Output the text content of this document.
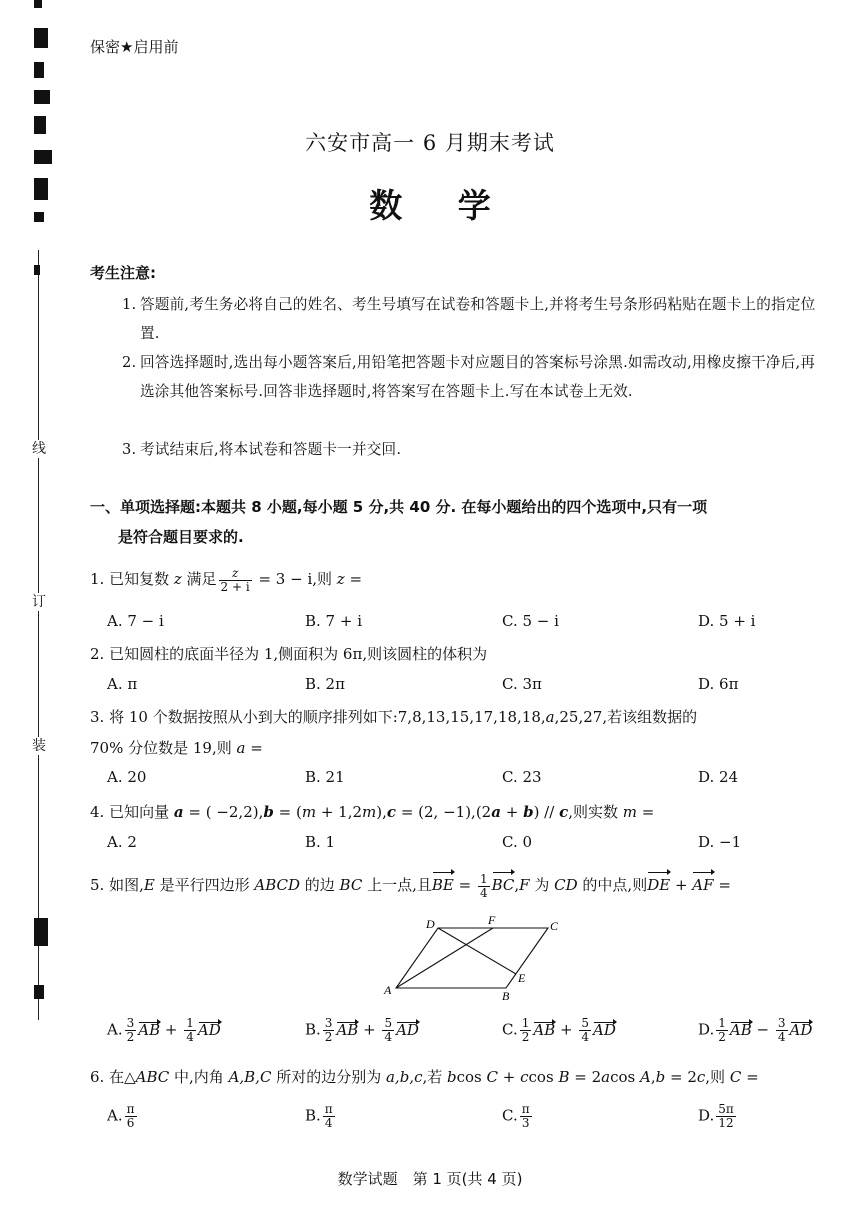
线
订
装
保密★启用前
六安市高一 6 月期末考试
数 学
考生注意:
1. 答题前,考生务必将自己的姓名、考生号填写在试卷和答题卡上,并将考生号条形码粘贴在题卡上的指定位置.
2. 回答选择题时,选出每小题答案后,用铅笔把答题卡对应题目的答案标号涂黑.如需改动,用橡皮擦干净后,再选涂其他答案标号.回答非选择题时,将答案写在答题卡上.写在本试卷上无效.
3. 考试结束后,将本试卷和答题卡一并交回.
一、单项选择题:本题共 8 小题,每小题 5 分,共 40 分. 在每小题给出的四个选项中,只有一项
是符合题目要求的.
1. 已知复数 z 满足 $\frac{z}{2 + i} = 3 - i$,则 z =
A. 7 − i	B. 7 + i	C. 5 − i	D. 5 + i
2. 已知圆柱的底面半径为 1,侧面积为 6π,则该圆柱的体积为
A. π	B. 2π	C. 3π	D. 6π
3. 将 10 个数据按照从小到大的顺序排列如下:7,8,13,15,17,18,18,a,25,27,若该组数据的
70% 分位数是 19,则 a =
A. 20	B. 21	C. 23	D. 24
4. 已知向量 a = ( −2,2),b = (m + 1,2m),c = (2, −1),(2a + b) // c,则实数 m =
A. 2	B. 1	C. 0	D. −1
5. 如图,E 是平行四边形 ABCD 的边 BC 上一点,且BE = $\frac{1}{4} BC,F$ 为 CD 的中点,则DE + AF =
A	B
C
D
E
F
A. $\frac{3}{2}$ AB + $\frac{1}{4}$ AD	B. $\frac{3}{2}$ AB + $\frac{5}{4}$ AD	C. $\frac{1}{2}$ AB + $\frac{5}{4}$ AD	D. $\frac{1}{2}$ AB − $\frac{3}{4}$ AD
6. 在△ABC 中,内角 A,B,C 所对的边分别为 a,b,c,若 bcos C + ccos B = 2acos A,b = 2c,则 C =
A. $\frac{\pi}{6}$	B. $\frac{\pi}{4}$	C. $\frac{\pi}{3}$	D. $\frac{5\pi}{12}$
数学试题　第 1 页(共 4 页)
